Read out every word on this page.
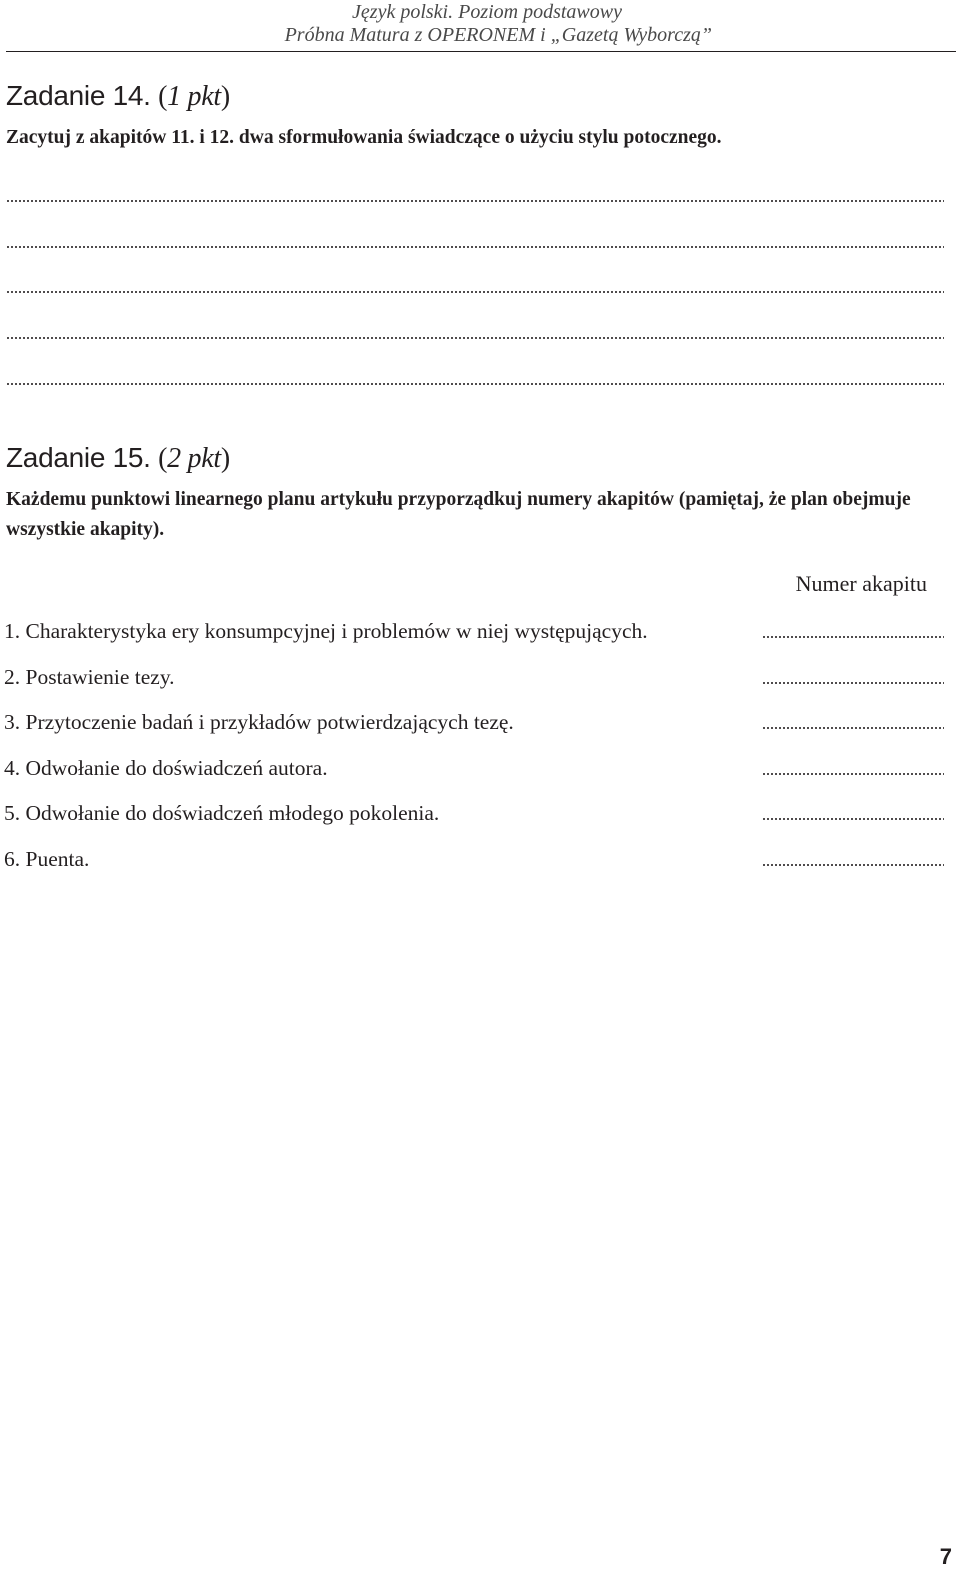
Język polski. Poziom podstawowy
Próbna Matura z OPERONEM i „Gazetą Wyborczą”
Zadanie 14. (1 pkt)
Zacytuj z akapitów 11. i 12. dwa sformułowania świadczące o użyciu stylu potocznego.
Zadanie 15. (2 pkt)
Każdemu punktowi linearnego planu artykułu przyporządkuj numery akapitów (pamiętaj, że plan obejmuje wszystkie akapity).
Numer akapitu
1. Charakterystyka ery konsumpcyjnej i problemów w niej występujących.
2. Postawienie tezy.
3. Przytoczenie badań i przykładów potwierdzających tezę.
4. Odwołanie do doświadczeń autora.
5. Odwołanie do doświadczeń młodego pokolenia.
6. Puenta.
7
